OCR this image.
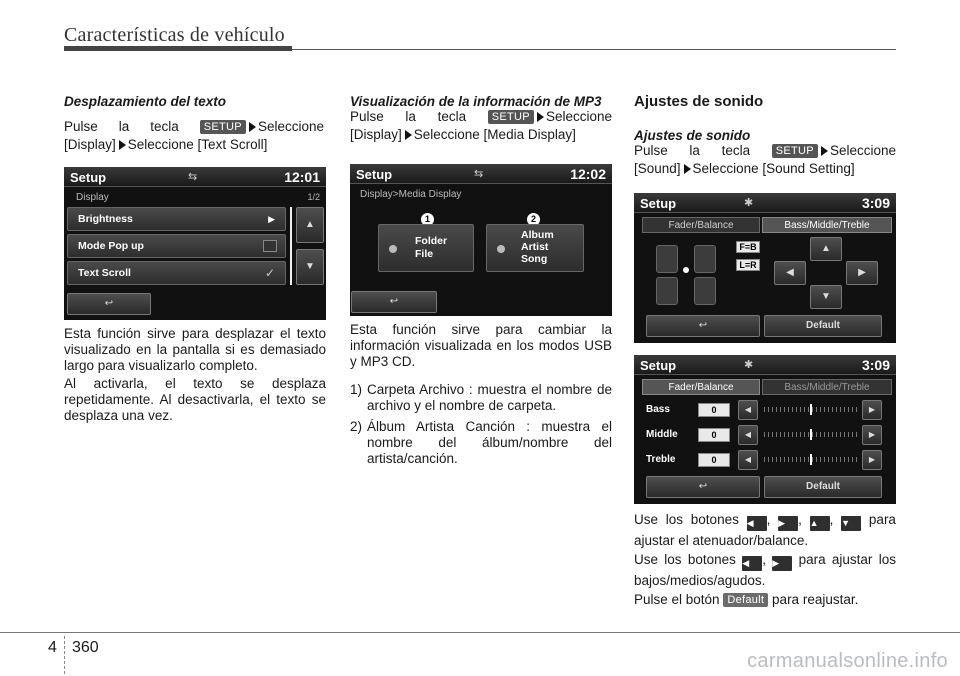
Características de vehículo
Desplazamiento del texto

Pulse la tecla SETUP Seleccione

[Display] Seleccione [Text Scroll]

Setup	⇆	12:01
Display	1/2
Brightness	▶
Mode Pop up
Text Scroll	✓
▲
▼
↩

Esta función sirve para desplazar el texto visualizado en la pantalla si es demasiado largo para visualizarlo completo.

Al activarla, el texto se desplaza repetidamente. Al desactivarla, el texto se desplaza una vez.

Visualización de la información de MP3

Pulse la tecla SETUP Seleccione

[Display] Seleccione [Media Display]

Setup	⇆	12:02
Display>Media Display
1	2
Folder
File
Album
Artist
Song
↩

Esta función sirve para cambiar la información visualizada en los modos USB y MP3 CD.

1) Carpeta Archivo : muestra el nombre de archivo y el nombre de carpeta.
2) Álbum Artista Canción : muestra el nombre del álbum/nombre del artista/canción.
Ajustes de sonido
Ajustes de sonido

Pulse la tecla SETUP Seleccione

[Sound] Seleccione [Sound Setting]

Setup	✱	3:09
Fader/Balance	Bass/Middle/Treble
F=B
L=R
▲
◀	▶
▼
↩	Default
Setup	✱	3:09
Fader/Balance	Bass/Middle/Treble
Bass	0	◀	▶
Middle	0	◀	▶
Treble	0	◀	▶
↩	Default

Use los botones ◀ , ▶ , ▲ , ▼ para

ajustar el atenuador/balance.

Use los botones ◀ , ▶ para ajustar los

bajos/medios/agudos.

Pulse el botón Default para reajustar.

4 360
carmanualsonline.info
